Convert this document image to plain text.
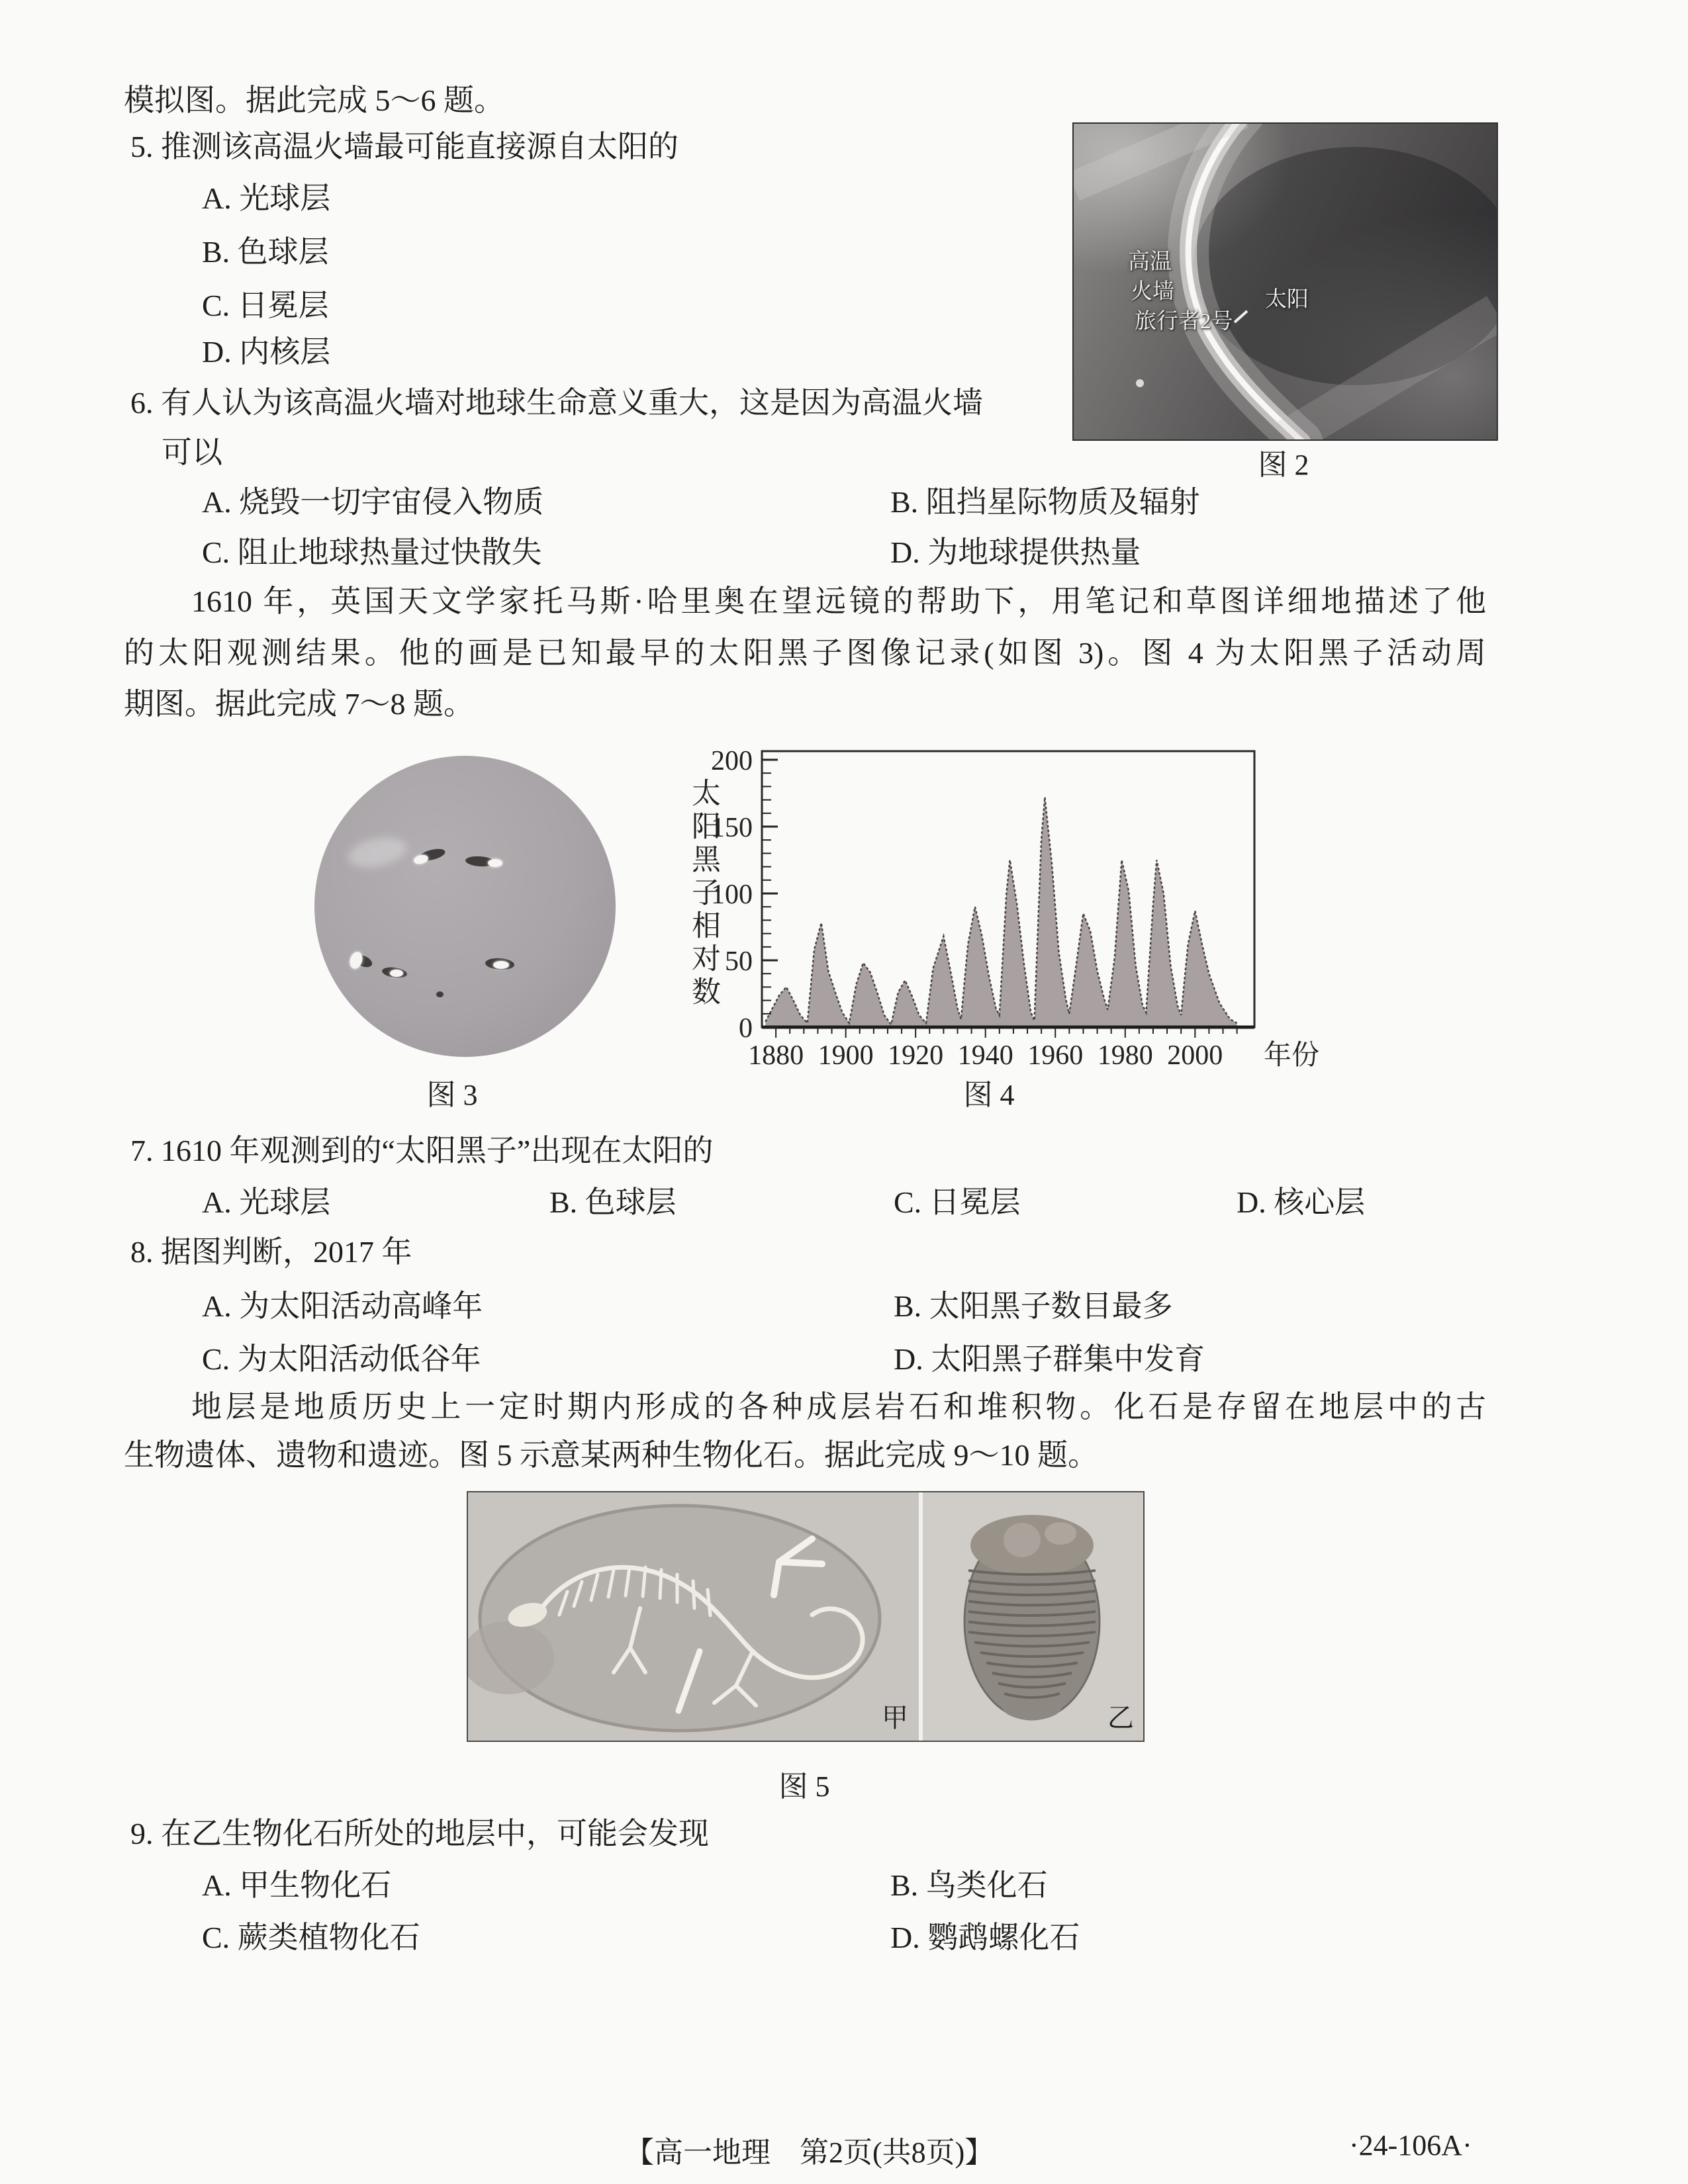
模拟图。据此完成 5～6 题。
5. 推测该高温火墙最可能直接源自太阳的
A. 光球层
B. 色球层
C. 日冕层
D. 内核层
高温
火墙
旅行者2号
太阳
图 2
6. 有人认为该高温火墙对地球生命意义重大，这是因为高温火墙
可以
A. 烧毁一切宇宙侵入物质	B. 阻挡星际物质及辐射
C. 阻止地球热量过快散失	D. 为地球提供热量
1610 年，英国天文学家托马斯·哈里奥在望远镜的帮助下，用笔记和草图详细地描述了他
的太阳观测结果。他的画是已知最早的太阳黑子图像记录(如图 3)。图 4 为太阳黑子活动周
期图。据此完成 7～8 题。
图 3
太阳黑子相对数
0
50
100
150
200
1880 1900 1920 1940 1960 1980 2000 年份
图 4
7. 1610 年观测到的“太阳黑子”出现在太阳的
A. 光球层	B. 色球层	C. 日冕层	D. 核心层
8. 据图判断，2017 年
A. 为太阳活动高峰年	B. 太阳黑子数目最多
C. 为太阳活动低谷年	D. 太阳黑子群集中发育
地层是地质历史上一定时期内形成的各种成层岩石和堆积物。化石是存留在地层中的古
生物遗体、遗物和遗迹。图 5 示意某两种生物化石。据此完成 9～10 题。
甲	乙
图 5
9. 在乙生物化石所处的地层中，可能会发现
A. 甲生物化石	B. 鸟类化石
C. 蕨类植物化石	D. 鹦鹉螺化石
【高一地理　第2页(共8页)】	·24-106A·
